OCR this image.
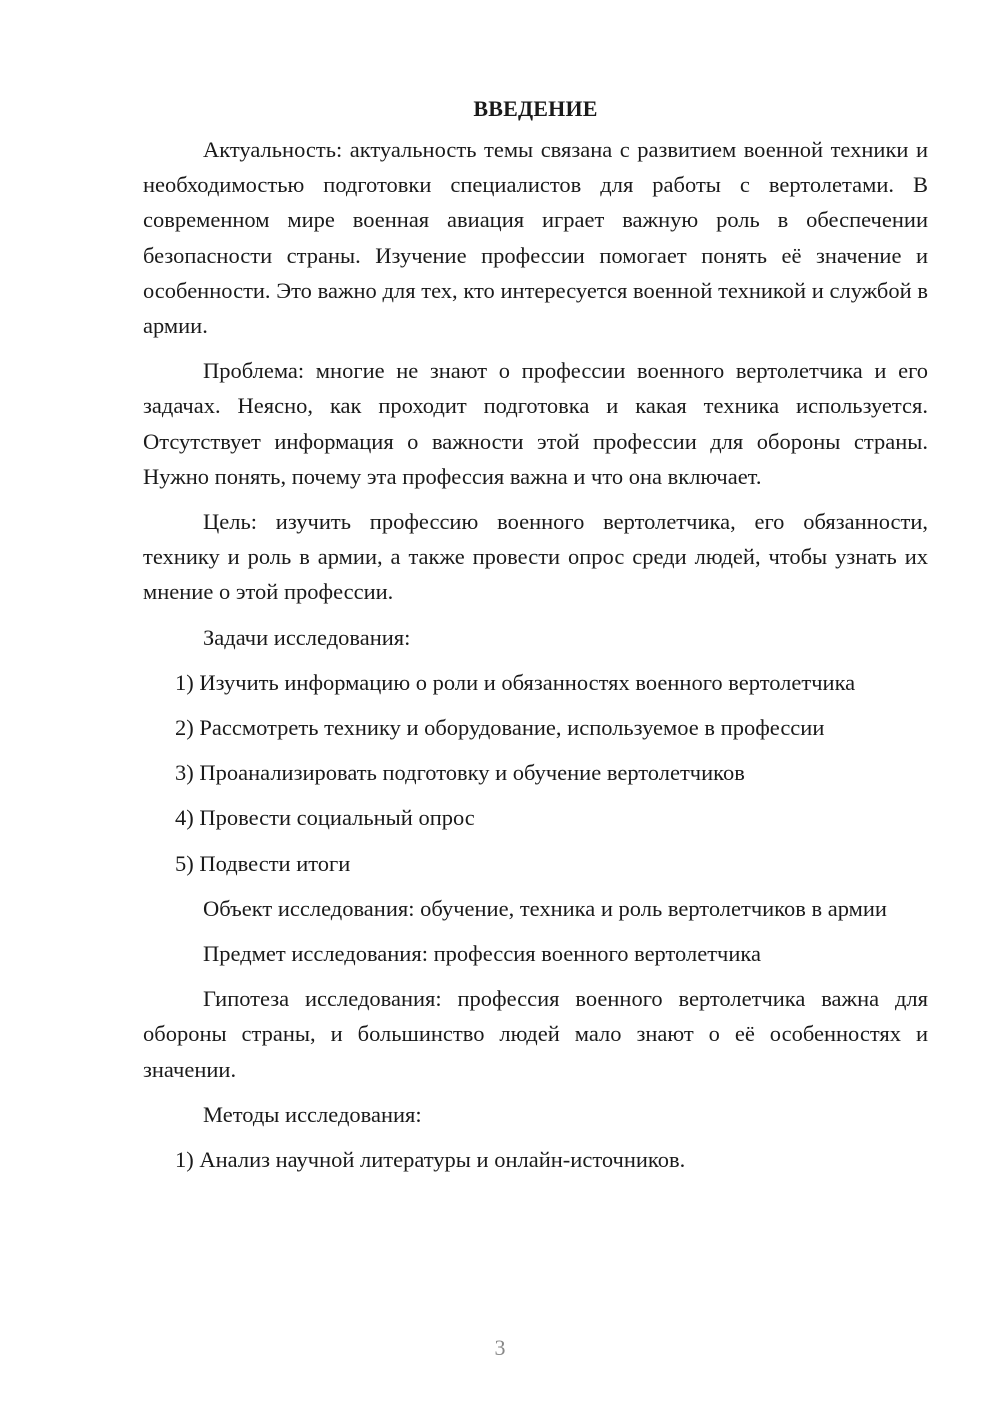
ВВЕДЕНИЕ

Актуальность: актуальность темы связана с развитием военной техники и необходимостью подготовки специалистов для работы с вертолетами. В современном мире военная авиация играет важную роль в обеспечении безопасности страны. Изучение профессии помогает понять её значение и особенности. Это важно для тех, кто интересуется военной техникой и службой в армии.

Проблема: многие не знают о профессии военного вертолетчика и его задачах. Неясно, как проходит подготовка и какая техника используется. Отсутствует информация о важности этой профессии для обороны страны. Нужно понять, почему эта профессия важна и что она включает.

Цель: изучить профессию военного вертолетчика, его обязанности, технику и роль в армии, а также провести опрос среди людей, чтобы узнать их мнение о этой профессии.

Задачи исследования:

1) Изучить информацию о роли и обязанностях военного вертолетчика

2) Рассмотреть технику и оборудование, используемое в профессии

3) Проанализировать подготовку и обучение вертолетчиков

4) Провести социальный опрос

5) Подвести итоги

Объект исследования: обучение, техника и роль вертолетчиков в армии

Предмет исследования: профессия военного вертолетчика

Гипотеза исследования: профессия военного вертолетчика важна для обороны страны, и большинство людей мало знают о её особенностях и значении.

Методы исследования:

1) Анализ научной литературы и онлайн-источников.

3
